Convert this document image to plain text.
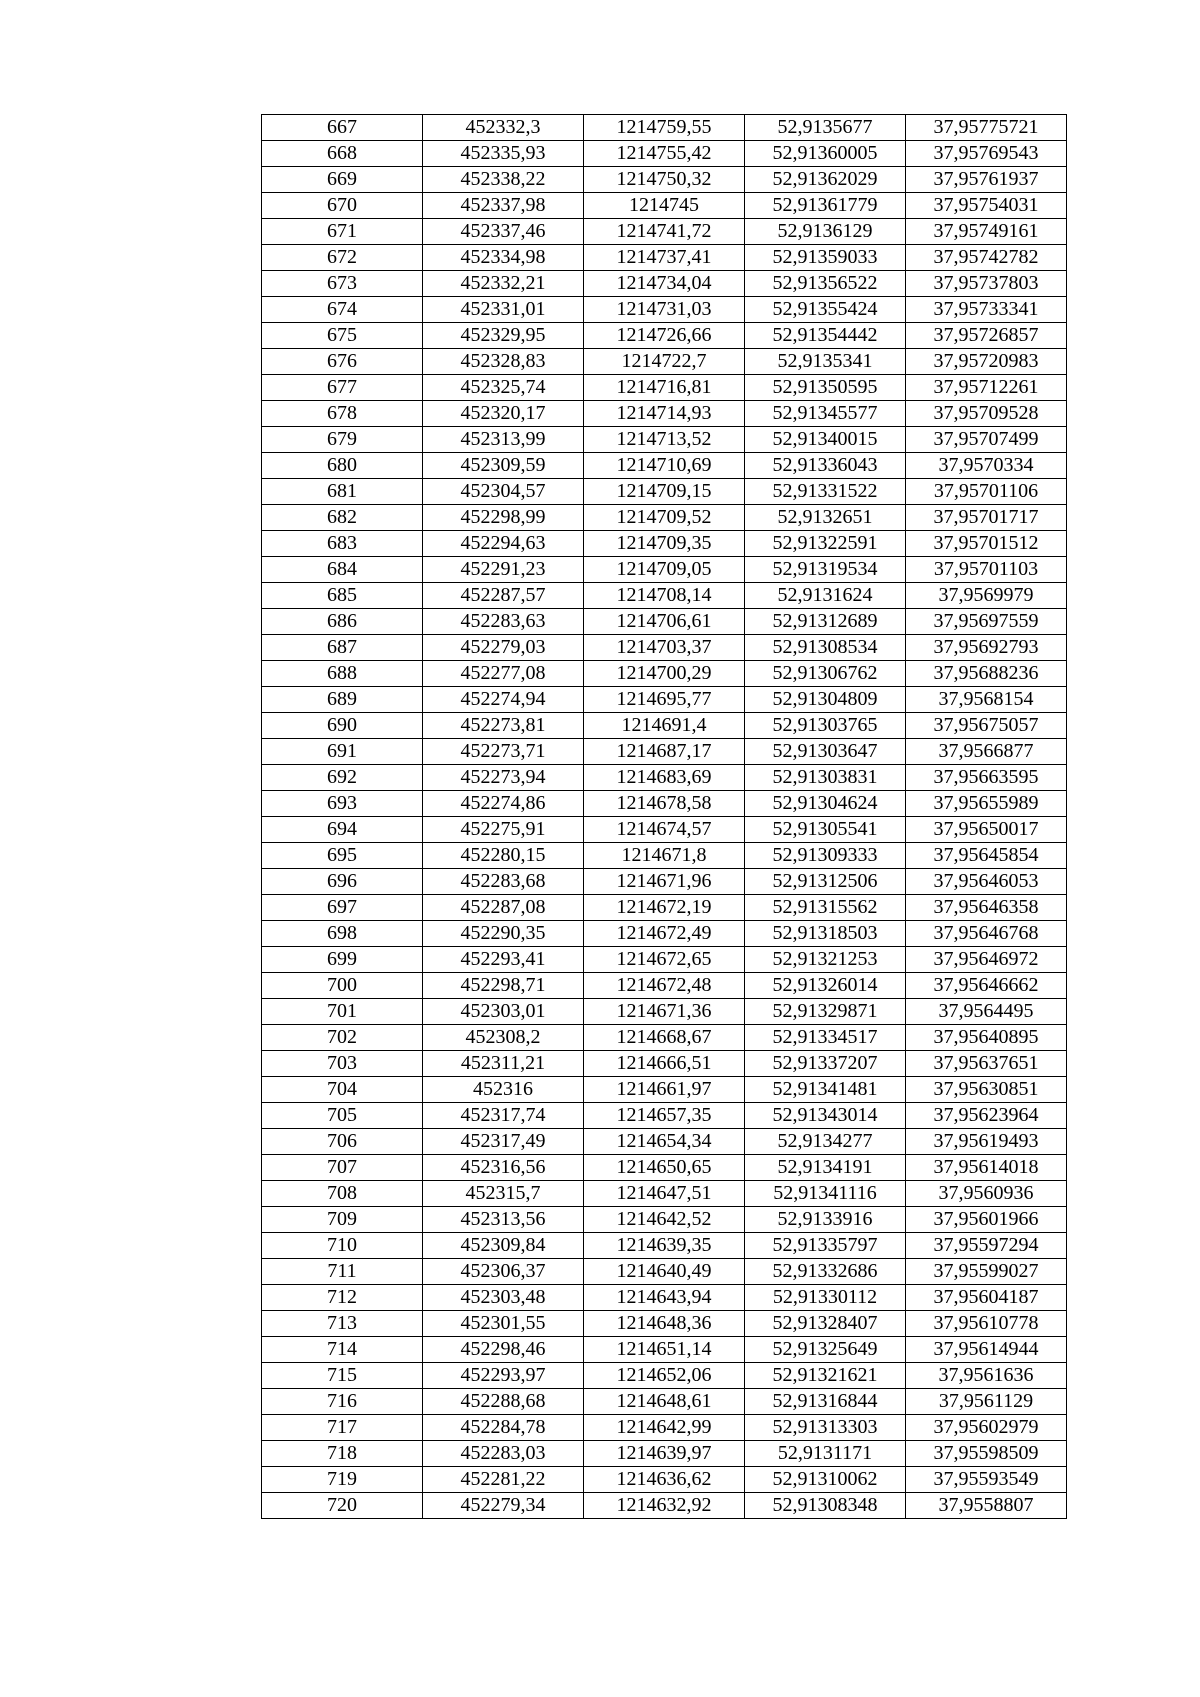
667	452332,3	1214759,55	52,9135677	37,95775721
668	452335,93	1214755,42	52,91360005	37,95769543
669	452338,22	1214750,32	52,91362029	37,95761937
670	452337,98	1214745	52,91361779	37,95754031
671	452337,46	1214741,72	52,9136129	37,95749161
672	452334,98	1214737,41	52,91359033	37,95742782
673	452332,21	1214734,04	52,91356522	37,95737803
674	452331,01	1214731,03	52,91355424	37,95733341
675	452329,95	1214726,66	52,91354442	37,95726857
676	452328,83	1214722,7	52,9135341	37,95720983
677	452325,74	1214716,81	52,91350595	37,95712261
678	452320,17	1214714,93	52,91345577	37,95709528
679	452313,99	1214713,52	52,91340015	37,95707499
680	452309,59	1214710,69	52,91336043	37,9570334
681	452304,57	1214709,15	52,91331522	37,95701106
682	452298,99	1214709,52	52,9132651	37,95701717
683	452294,63	1214709,35	52,91322591	37,95701512
684	452291,23	1214709,05	52,91319534	37,95701103
685	452287,57	1214708,14	52,9131624	37,9569979
686	452283,63	1214706,61	52,91312689	37,95697559
687	452279,03	1214703,37	52,91308534	37,95692793
688	452277,08	1214700,29	52,91306762	37,95688236
689	452274,94	1214695,77	52,91304809	37,9568154
690	452273,81	1214691,4	52,91303765	37,95675057
691	452273,71	1214687,17	52,91303647	37,9566877
692	452273,94	1214683,69	52,91303831	37,95663595
693	452274,86	1214678,58	52,91304624	37,95655989
694	452275,91	1214674,57	52,91305541	37,95650017
695	452280,15	1214671,8	52,91309333	37,95645854
696	452283,68	1214671,96	52,91312506	37,95646053
697	452287,08	1214672,19	52,91315562	37,95646358
698	452290,35	1214672,49	52,91318503	37,95646768
699	452293,41	1214672,65	52,91321253	37,95646972
700	452298,71	1214672,48	52,91326014	37,95646662
701	452303,01	1214671,36	52,91329871	37,9564495
702	452308,2	1214668,67	52,91334517	37,95640895
703	452311,21	1214666,51	52,91337207	37,95637651
704	452316	1214661,97	52,91341481	37,95630851
705	452317,74	1214657,35	52,91343014	37,95623964
706	452317,49	1214654,34	52,9134277	37,95619493
707	452316,56	1214650,65	52,9134191	37,95614018
708	452315,7	1214647,51	52,91341116	37,9560936
709	452313,56	1214642,52	52,9133916	37,95601966
710	452309,84	1214639,35	52,91335797	37,95597294
711	452306,37	1214640,49	52,91332686	37,95599027
712	452303,48	1214643,94	52,91330112	37,95604187
713	452301,55	1214648,36	52,91328407	37,95610778
714	452298,46	1214651,14	52,91325649	37,95614944
715	452293,97	1214652,06	52,91321621	37,9561636
716	452288,68	1214648,61	52,91316844	37,9561129
717	452284,78	1214642,99	52,91313303	37,95602979
718	452283,03	1214639,97	52,9131171	37,95598509
719	452281,22	1214636,62	52,91310062	37,95593549
720	452279,34	1214632,92	52,91308348	37,9558807
